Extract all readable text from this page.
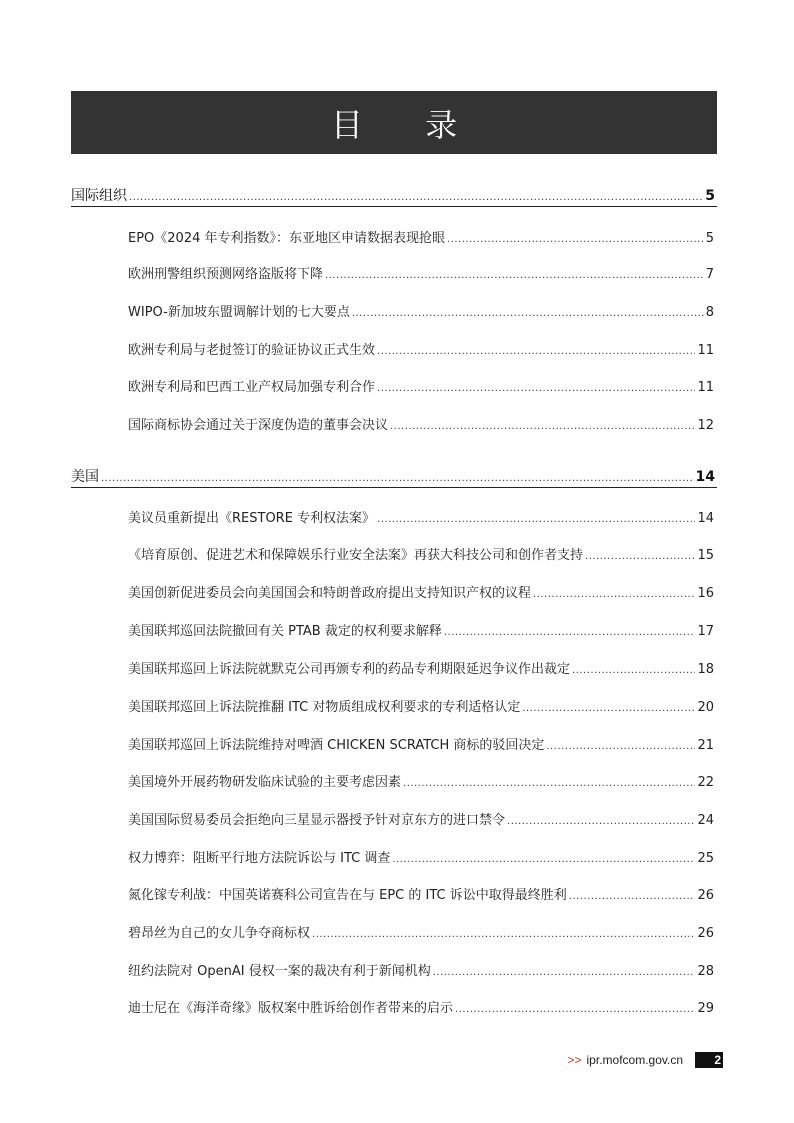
目 录
国际组织 .....	5
EPO《2024 年专利指数》：东亚地区申请数据表现抢眼 .....	5
欧洲刑警组织预测网络盗版将下降 .....	7
WIPO-新加坡东盟调解计划的七大要点 .....	8
欧洲专利局与老挝签订的验证协议正式生效 .....	11
欧洲专利局和巴西工业产权局加强专利合作 .....	11
国际商标协会通过关于深度伪造的董事会决议 .....	12
美国 .....	14
美议员重新提出《RESTORE 专利权法案》 .....	14
《培育原创、促进艺术和保障娱乐行业安全法案》再获大科技公司和创作者支持 .....	15
美国创新促进委员会向美国国会和特朗普政府提出支持知识产权的议程 .....	16
美国联邦巡回法院撤回有关 PTAB 裁定的权利要求解释 .....	17
美国联邦巡回上诉法院就默克公司再颁专利的药品专利期限延迟争议作出裁定 .....	18
美国联邦巡回上诉法院推翻 ITC 对物质组成权利要求的专利适格认定 .....	20
美国联邦巡回上诉法院维持对啤酒 CHICKEN SCRATCH 商标的驳回决定 .....	21
美国境外开展药物研发临床试验的主要考虑因素 .....	22
美国国际贸易委员会拒绝向三星显示器授予针对京东方的进口禁令 .....	24
权力博弈：阻断平行地方法院诉讼与 ITC 调查 .....	25
氮化镓专利战：中国英诺赛科公司宣告在与 EPC 的 ITC 诉讼中取得最终胜利 .....	26
碧昂丝为自己的女儿争夺商标权 .....	26
纽约法院对 OpenAI 侵权一案的裁决有利于新闻机构 .....	28
迪士尼在《海洋奇缘》版权案中胜诉给创作者带来的启示 .....	29
>> ipr.mofcom.gov.cn	2
